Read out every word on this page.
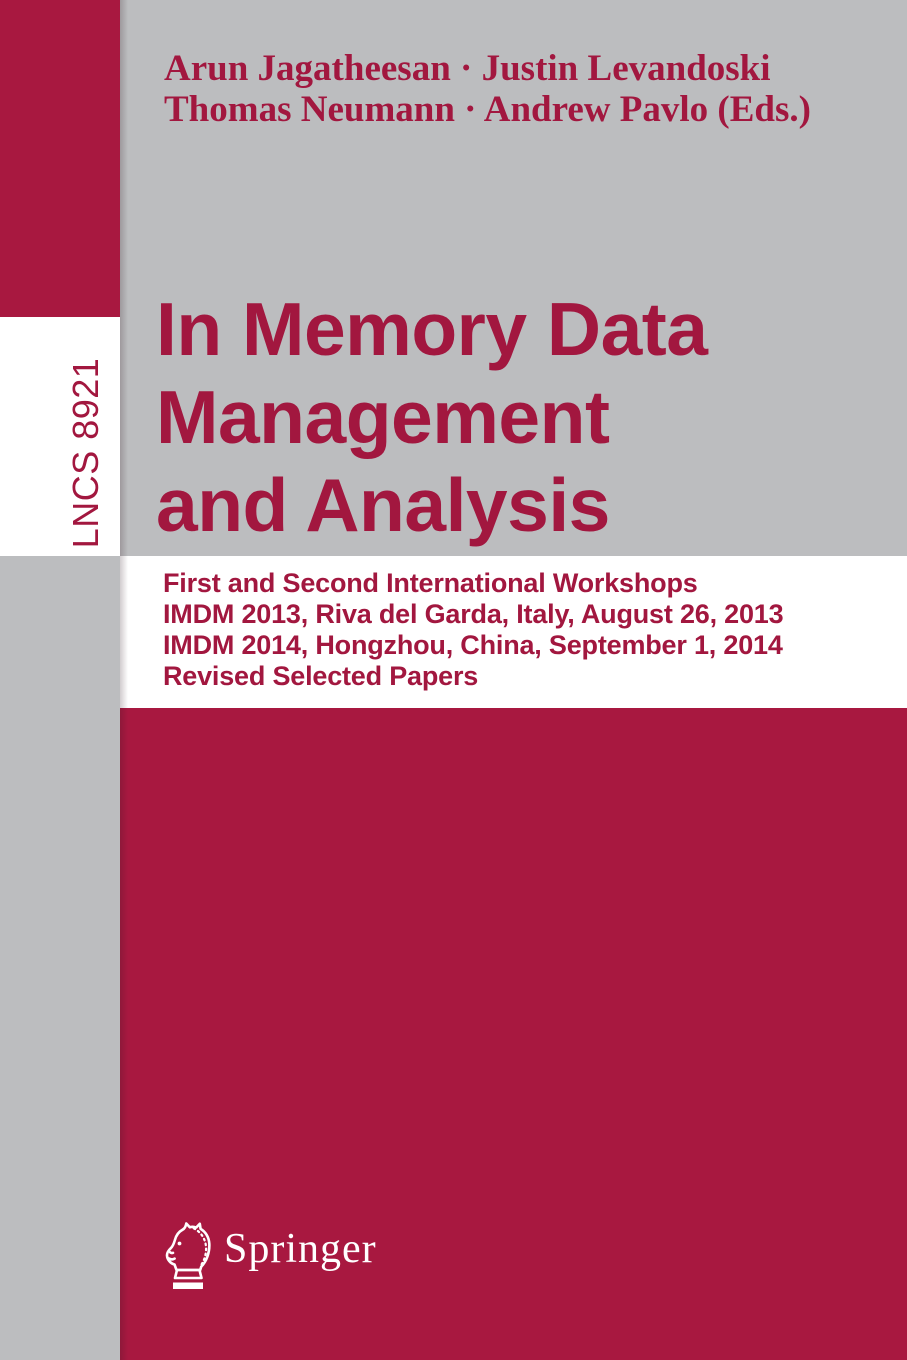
LNCS 8921
Arun Jagatheesan · Justin Levandoski
Thomas Neumann · Andrew Pavlo (Eds.)
In Memory Data
Management
and Analysis
First and Second International Workshops
IMDM 2013, Riva del Garda, Italy, August 26, 2013
IMDM 2014, Hongzhou, China, September 1, 2014
Revised Selected Papers
Springer
